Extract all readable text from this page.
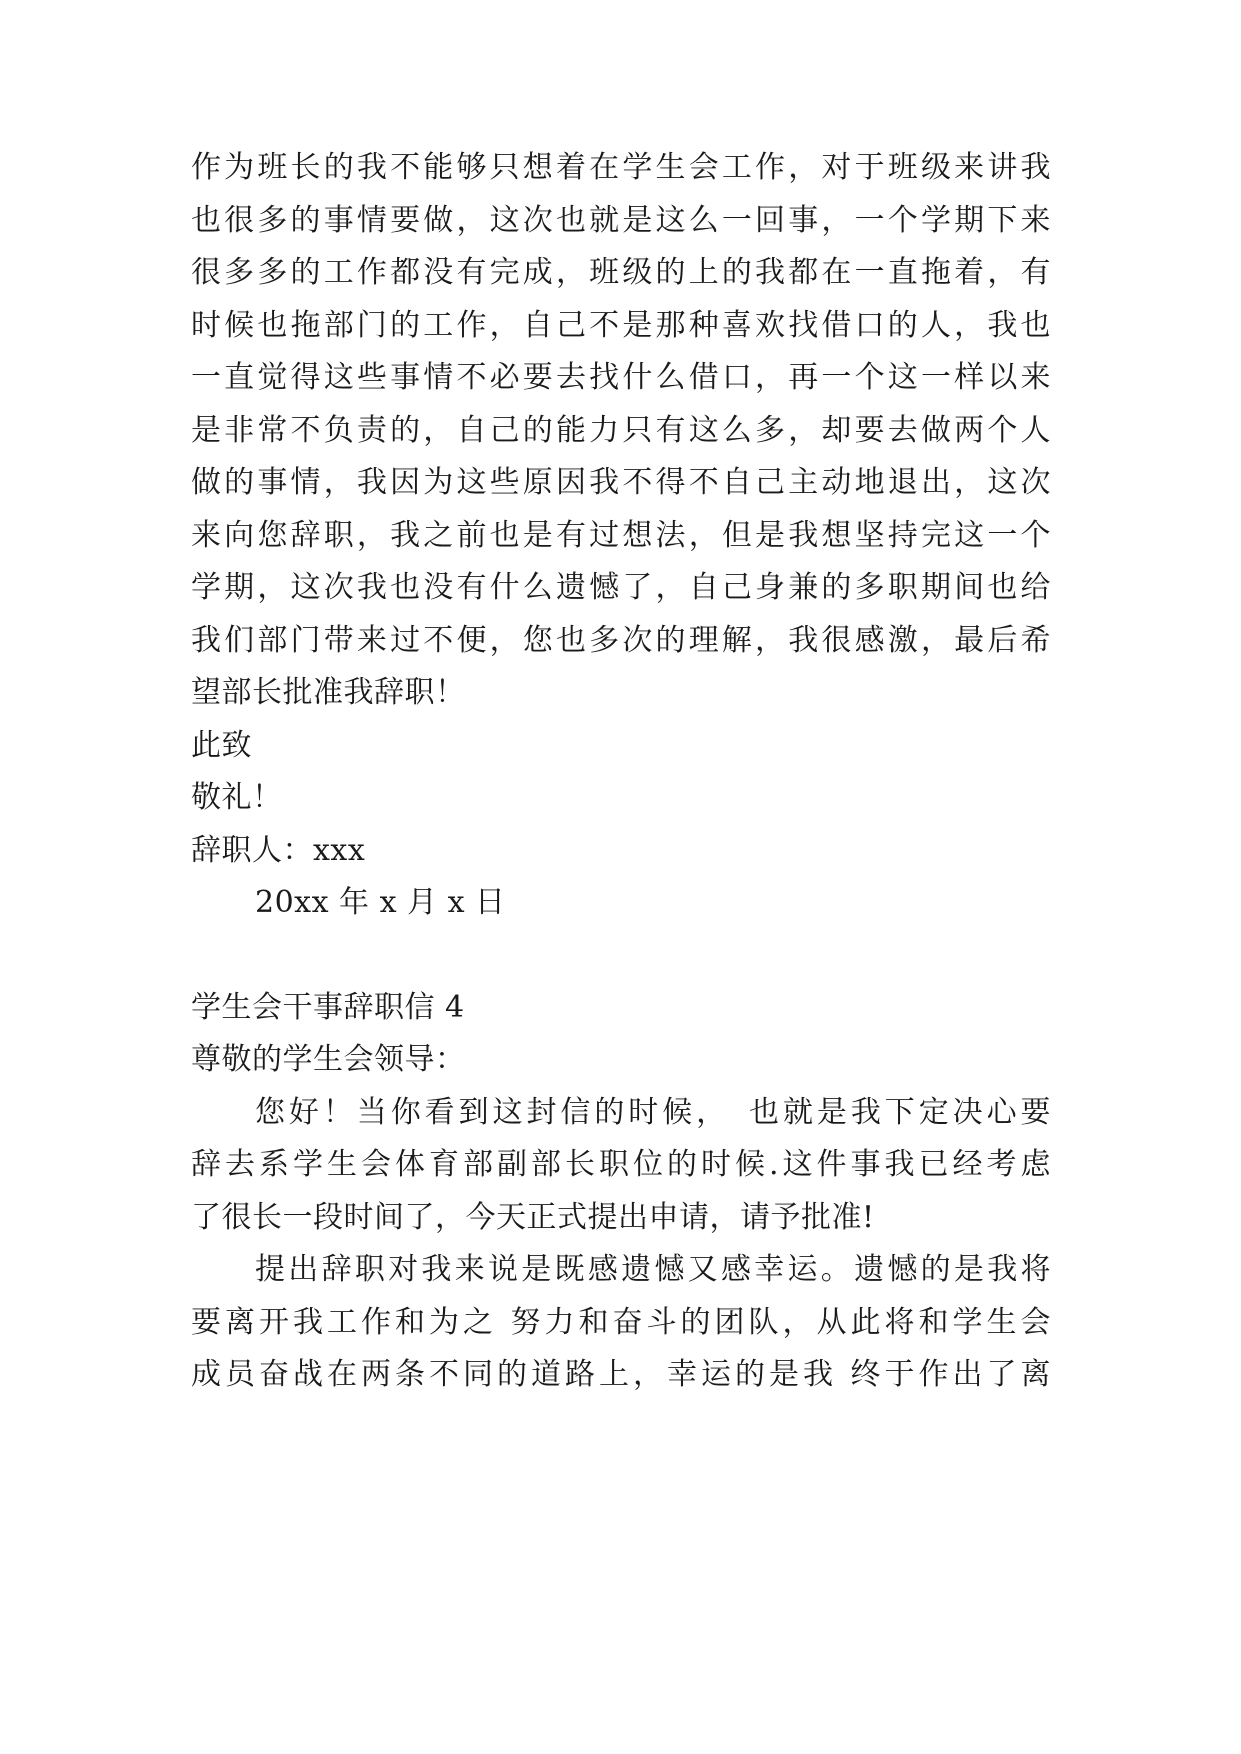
作为班长的我不能够只想着在学生会工作，对于班级来讲我
也很多的事情要做，这次也就是这么一回事，一个学期下来
很多多的工作都没有完成，班级的上的我都在一直拖着，有
时候也拖部门的工作，自己不是那种喜欢找借口的人，我也
一直觉得这些事情不必要去找什么借口，再一个这一样以来
是非常不负责的，自己的能力只有这么多，却要去做两个人
做的事情，我因为这些原因我不得不自己主动地退出，这次
来向您辞职，我之前也是有过想法，但是我想坚持完这一个
学期，这次我也没有什么遗憾了，自己身兼的多职期间也给
我们部门带来过不便，您也多次的理解，我很感激，最后希
望部长批准我辞职！
此致
敬礼！
辞职人：xxx
20xx 年 x 月 x 日
学生会干事辞职信 4
尊敬的学生会领导：
您好！当你看到这封信的时候，　也就是我下定决心要
辞去系学生会体育部副部长职位的时候.这件事我已经考虑
了很长一段时间了，今天正式提出申请，请予批准!
提出辞职对我来说是既感遗憾又感幸运。遗憾的是我将
要离开我工作和为之 努力和奋斗的团队，从此将和学生会
成员奋战在两条不同的道路上，幸运的是我 终于作出了离
